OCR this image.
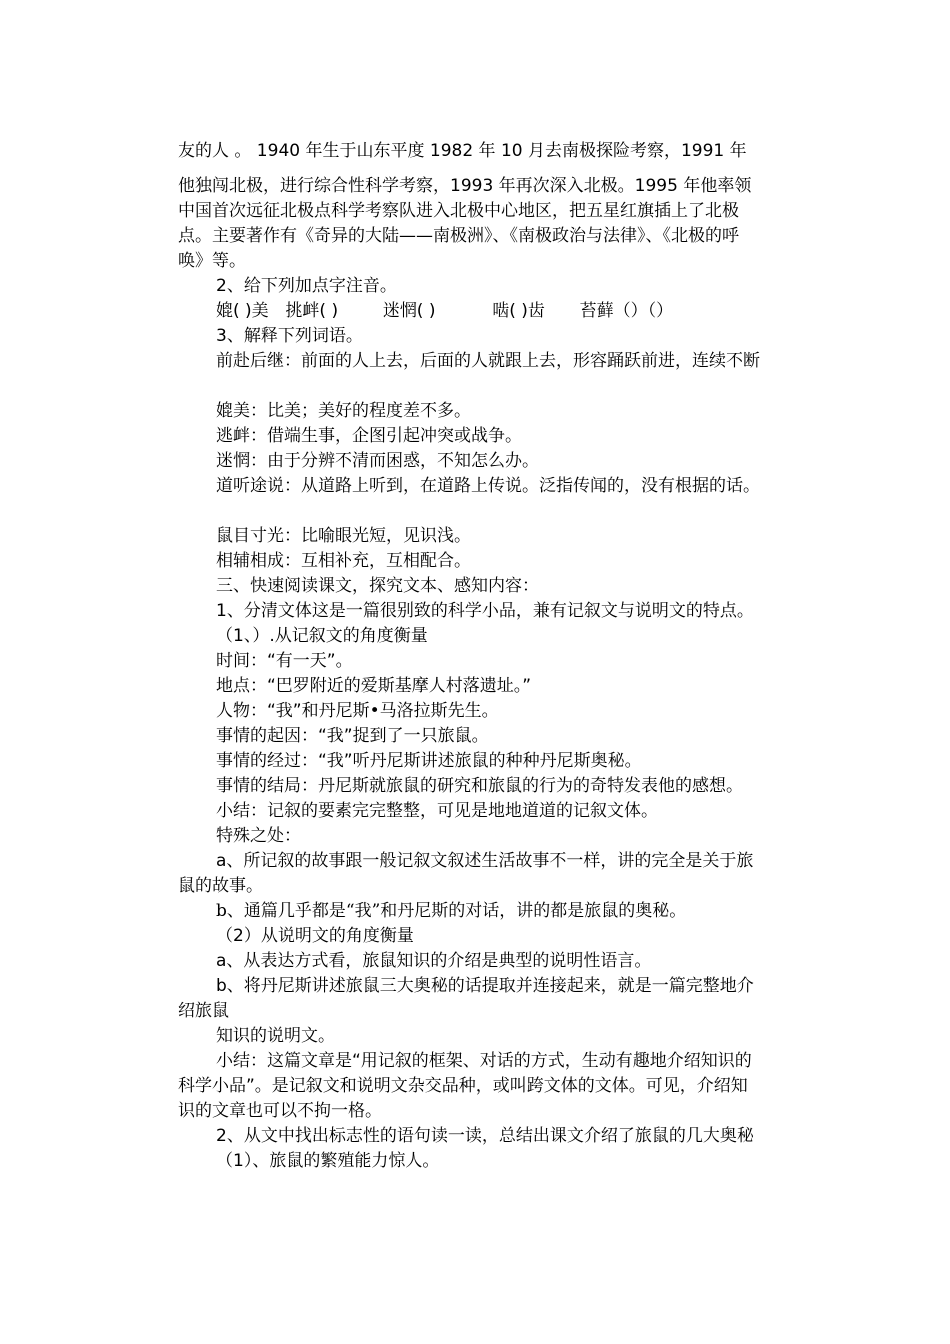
友的人 。 1940 年生于山东平度 1982 年 10 月去南极探险考察，1991 年
他独闯北极，进行综合性科学考察，1993 年再次深入北极。1995 年他率领
中国首次远征北极点科学考察队进入北极中心地区，把五星红旗插上了北极
点。主要著作有《奇异的大陆——南极洲》、《南极政治与法律》、《北极的呼
唤》等。
2、给下列加点字注音。
媲( )美 挑衅( )	迷惘( )	啮( )齿 苔藓（）（）
3、解释下列词语。
前赴后继：前面的人上去，后面的人就跟上去，形容踊跃前进，连续不断
媲美：比美；美好的程度差不多。
逃衅：借端生事，企图引起冲突或战争。
迷惘：由于分辨不清而困惑，不知怎么办。
道听途说：从道路上听到，在道路上传说。泛指传闻的，没有根据的话。
鼠目寸光：比喻眼光短，见识浅。
相辅相成：互相补充，互相配合。
三、快速阅读课文，探究文本、感知内容：
1、分清文体这是一篇很别致的科学小品，兼有记叙文与说明文的特点。
（1、）.从记叙文的角度衡量
时间：“有一天”。
地点：“巴罗附近的爱斯基摩人村落遗址。”
人物：“我”和丹尼斯•马洛拉斯先生。
事情的起因：“我”捉到了一只旅鼠。
事情的经过：“我”听丹尼斯讲述旅鼠的种种丹尼斯奥秘。
事情的结局：丹尼斯就旅鼠的研究和旅鼠的行为的奇特发表他的感想。
小结：记叙的要素完完整整，可见是地地道道的记叙文体。
特殊之处：
a、所记叙的故事跟一般记叙文叙述生活故事不一样，讲的完全是关于旅
鼠的故事。
b、通篇几乎都是“我”和丹尼斯的对话，讲的都是旅鼠的奥秘。
（2）从说明文的角度衡量
a、从表达方式看，旅鼠知识的介绍是典型的说明性语言。
b、将丹尼斯讲述旅鼠三大奥秘的话提取并连接起来，就是一篇完整地介
绍旅鼠
知识的说明文。
小结：这篇文章是“用记叙的框架、对话的方式，生动有趣地介绍知识的
科学小品”。是记叙文和说明文杂交品种，或叫跨文体的文体。可见，介绍知
识的文章也可以不拘一格。
2、从文中找出标志性的语句读一读，总结出课文介绍了旅鼠的几大奥秘
（1）、旅鼠的繁殖能力惊人。
